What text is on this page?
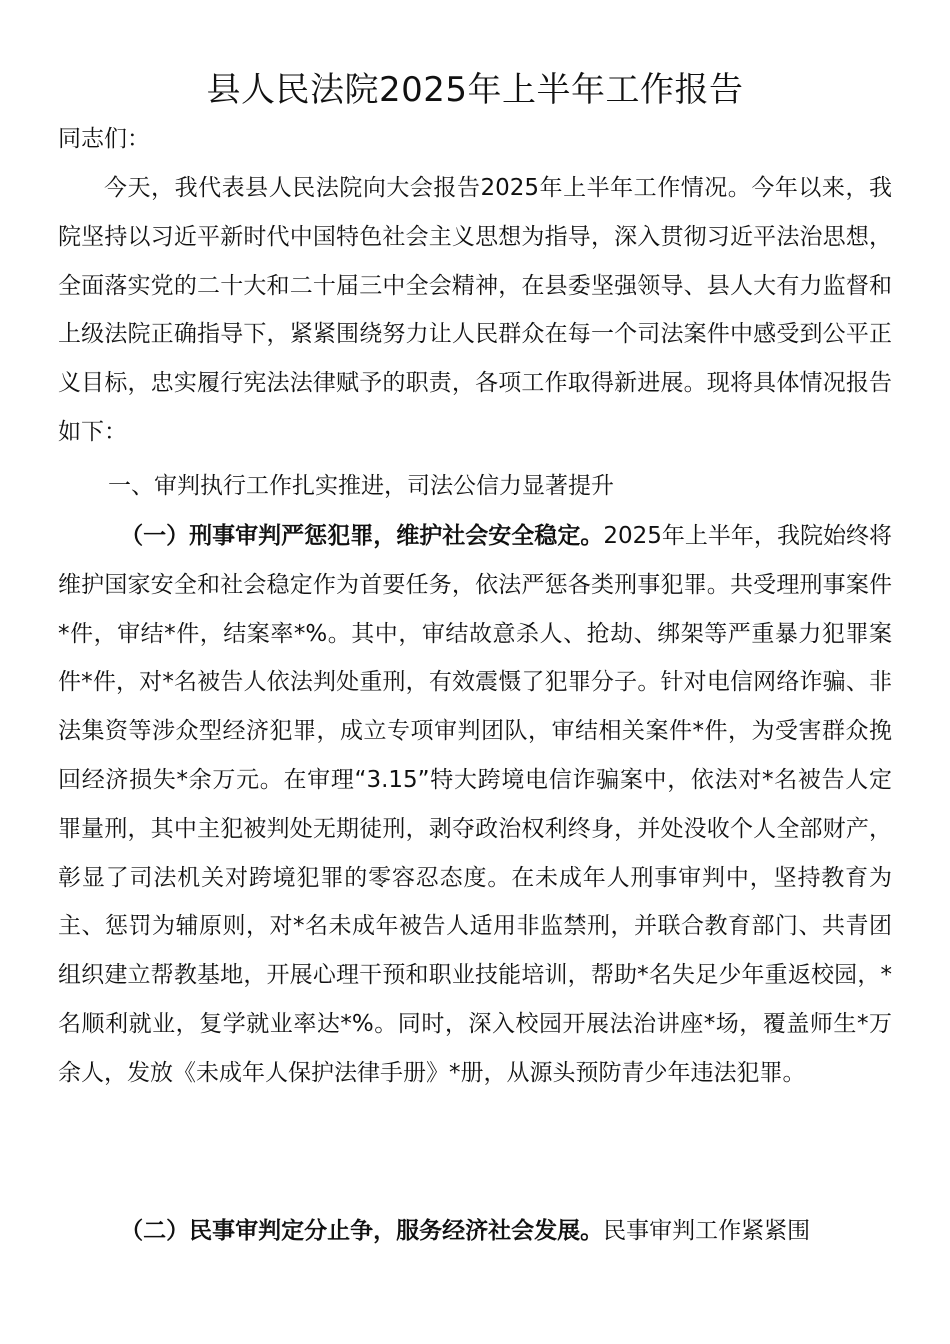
县人民法院2025年上半年工作报告
同志们：
今天，我代表县人民法院向大会报告2025年上半年工作情况。今年以来，我院坚持以习近平新时代中国特色社会主义思想为指导，深入贯彻习近平法治思想，全面落实党的二十大和二十届三中全会精神，在县委坚强领导、县人大有力监督和上级法院正确指导下，紧紧围绕努力让人民群众在每一个司法案件中感受到公平正义目标，忠实履行宪法法律赋予的职责，各项工作取得新进展。现将具体情况报告如下：
一、审判执行工作扎实推进，司法公信力显著提升
（一）刑事审判严惩犯罪，维护社会安全稳定。2025年上半年，我院始终将维护国家安全和社会稳定作为首要任务，依法严惩各类刑事犯罪。共受理刑事案件*件，审结*件，结案率*%。其中，审结故意杀人、抢劫、绑架等严重暴力犯罪案件*件，对*名被告人依法判处重刑，有效震慑了犯罪分子。针对电信网络诈骗、非法集资等涉众型经济犯罪，成立专项审判团队，审结相关案件*件，为受害群众挽回经济损失*余万元。在审理“3.15”特大跨境电信诈骗案中，依法对*名被告人定罪量刑，其中主犯被判处无期徒刑，剥夺政治权利终身，并处没收个人全部财产，彰显了司法机关对跨境犯罪的零容忍态度。在未成年人刑事审判中，坚持教育为主、惩罚为辅原则，对*名未成年被告人适用非监禁刑，并联合教育部门、共青团组织建立帮教基地，开展心理干预和职业技能培训，帮助*名失足少年重返校园，*名顺利就业，复学就业率达*%。同时，深入校园开展法治讲座*场，覆盖师生*万余人，发放《未成年人保护法律手册》*册，从源头预防青少年违法犯罪。
（二）民事审判定分止争，服务经济社会发展。民事审判工作紧紧围
